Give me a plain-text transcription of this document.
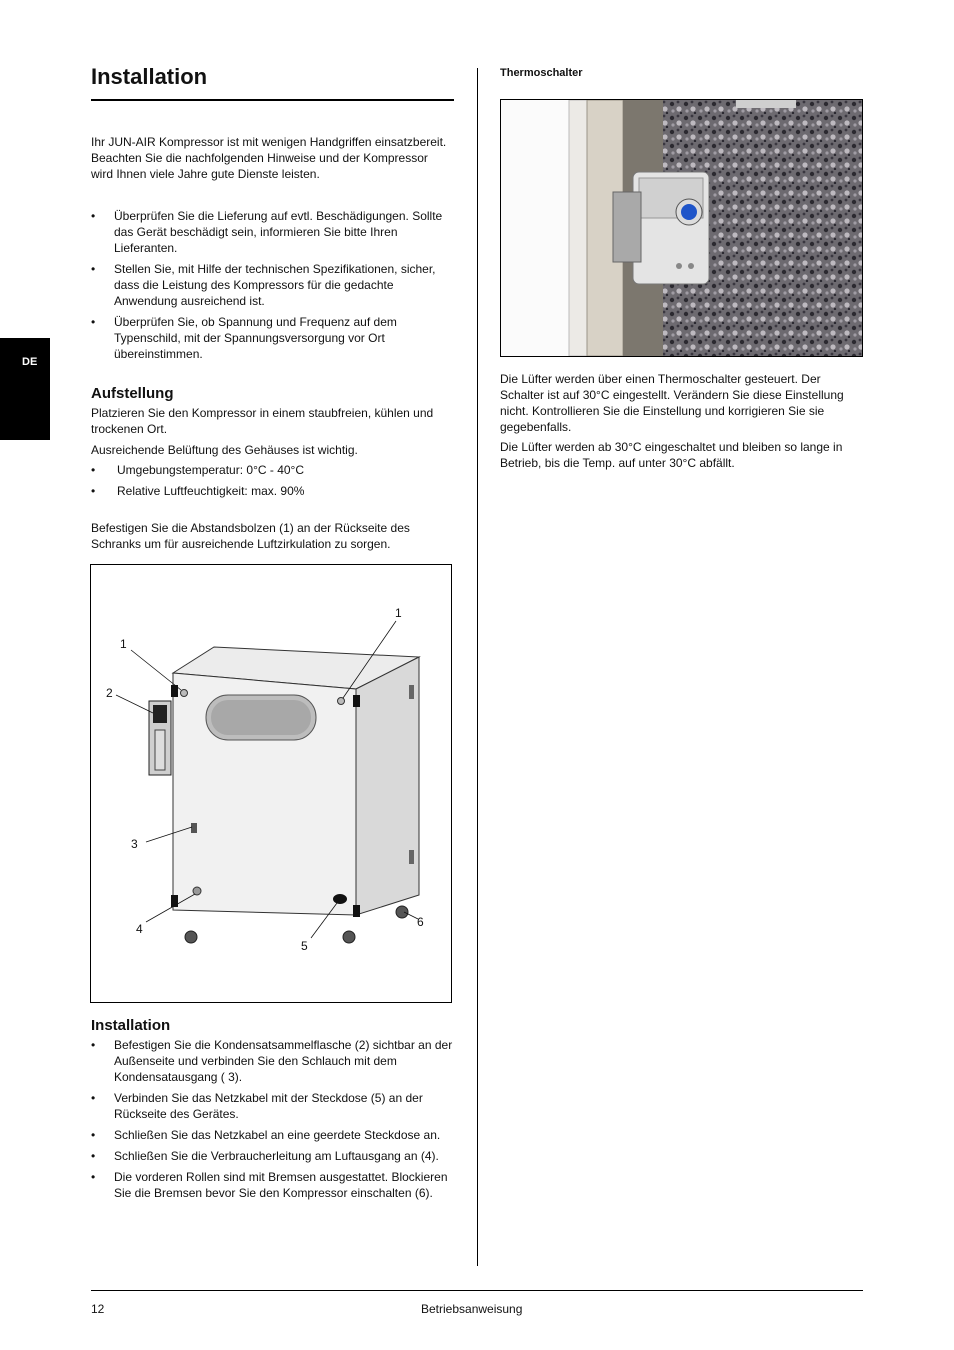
DE
Installation
Ihr JUN-AIR Kompressor ist mit wenigen Handgriffen einsatzbereit. Beachten Sie die nachfolgenden Hinweise und der Kompressor wird Ihnen viele Jahre gute Dienste leisten.
• Überprüfen Sie die Lieferung auf evtl. Beschädigungen. Sollte das Gerät beschädigt sein, informieren Sie bitte Ihren Lieferanten.
• Stellen Sie, mit Hilfe der technischen Spezifikationen, sicher, dass die Leistung des Kompressors für die gedachte Anwendung ausreichend ist.
• Überprüfen Sie, ob Spannung und Frequenz auf dem Typenschild, mit der Spannungsversorgung vor Ort übereinstimmen.
Aufstellung
Platzieren Sie den Kompressor in einem staubfreien, kühlen und trockenen Ort.
Ausreichende Belüftung des Gehäuses ist wichtig.
• Umgebungstemperatur: 0°C - 40°C
• Relative Luftfeuchtigkeit: max. 90%
Befestigen Sie die Abstandsbolzen (1) an der Rückseite des Schranks um für ausreichende Luftzirkulation zu sorgen.
1
1
2
3
4
5
6
Installation
• Befestigen Sie die Kondensatsammelflasche (2) sichtbar an der Außenseite und verbinden Sie den Schlauch mit dem Kondensatausgang ( 3).
• Verbinden Sie das Netzkabel mit der Steckdose (5) an der Rückseite des Gerätes.
• Schließen Sie das Netzkabel an eine geerdete Steckdose an.
• Schließen Sie die Verbraucherleitung am Luftausgang an (4).
• Die vorderen Rollen sind mit Bremsen ausgestattet. Blockieren Sie die Bremsen bevor Sie den Kompressor einschalten (6).
Thermoschalter
Die Lüfter werden über einen Thermoschalter gesteuert. Der Schalter ist auf 30°C eingestellt. Verändern Sie diese Einstellung nicht. Kontrollieren Sie die Einstellung und korrigieren Sie sie gegebenfalls.
Die Lüfter werden ab 30°C eingeschaltet und bleiben so lange in Betrieb, bis die Temp. auf unter 30°C abfällt.
12	Betriebsanweisung
